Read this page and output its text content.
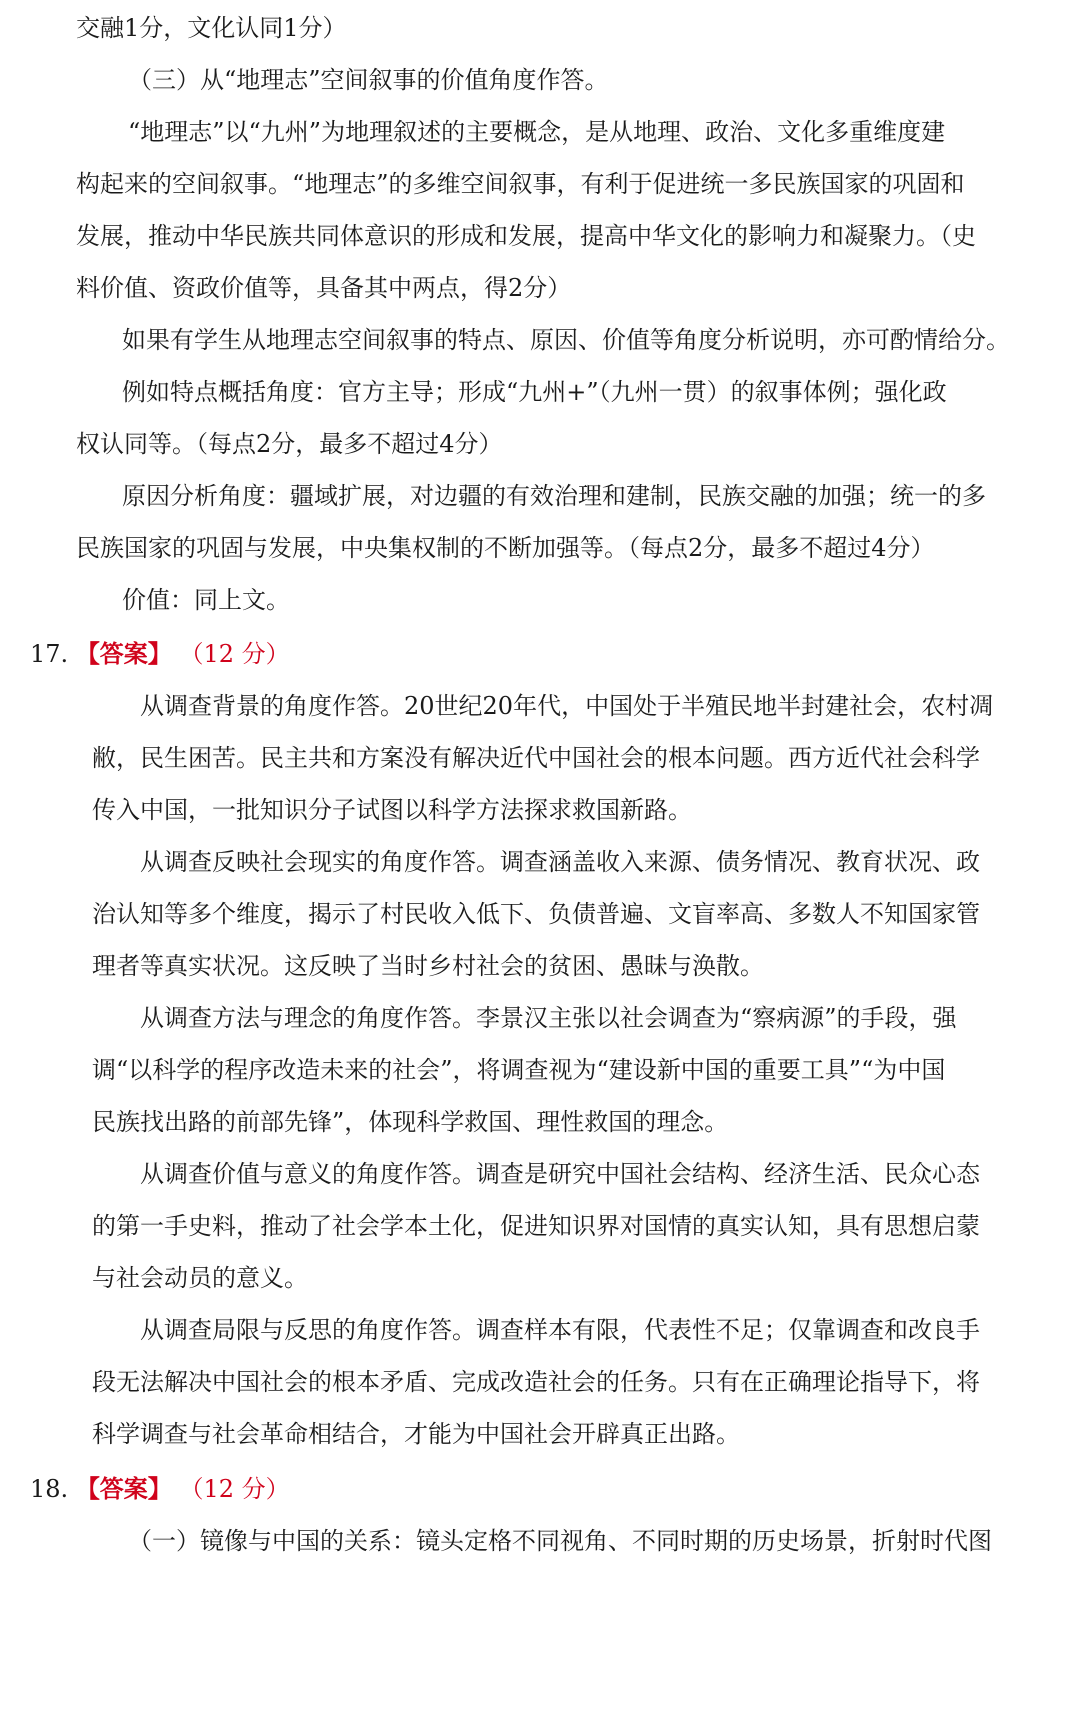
交融1分，文化认同1分）
（三）从“地理志”空间叙事的价值角度作答。
“地理志”以“九州”为地理叙述的主要概念，是从地理、政治、文化多重维度建
构起来的空间叙事。“地理志”的多维空间叙事，有利于促进统一多民族国家的巩固和
发展，推动中华民族共同体意识的形成和发展，提高中华文化的影响力和凝聚力。（史
料价值、资政价值等，具备其中两点，得2分）
如果有学生从地理志空间叙事的特点、原因、价值等角度分析说明，亦可酌情给分。
例如特点概括角度：官方主导；形成“九州+”（九州一贯）的叙事体例；强化政
权认同等。（每点2分，最多不超过4分）
原因分析角度：疆域扩展，对边疆的有效治理和建制，民族交融的加强；统一的多
民族国家的巩固与发展，中央集权制的不断加强等。（每点2分，最多不超过4分）
价值：同上文。
17. 【答案】 （12 分）
从调查背景的角度作答。20世纪20年代，中国处于半殖民地半封建社会，农村凋
敝，民生困苦。民主共和方案没有解决近代中国社会的根本问题。西方近代社会科学
传入中国，一批知识分子试图以科学方法探求救国新路。
从调查反映社会现实的角度作答。调查涵盖收入来源、债务情况、教育状况、政
治认知等多个维度，揭示了村民收入低下、负债普遍、文盲率高、多数人不知国家管
理者等真实状况。这反映了当时乡村社会的贫困、愚昧与涣散。
从调查方法与理念的角度作答。李景汉主张以社会调查为“察病源”的手段，强
调“以科学的程序改造未来的社会”，将调查视为“建设新中国的重要工具”“为中国
民族找出路的前部先锋”，体现科学救国、理性救国的理念。
从调查价值与意义的角度作答。调查是研究中国社会结构、经济生活、民众心态
的第一手史料，推动了社会学本土化，促进知识界对国情的真实认知，具有思想启蒙
与社会动员的意义。
从调查局限与反思的角度作答。调查样本有限，代表性不足；仅靠调查和改良手
段无法解决中国社会的根本矛盾、完成改造社会的任务。只有在正确理论指导下，将
科学调查与社会革命相结合，才能为中国社会开辟真正出路。
18. 【答案】 （12 分）
（一）镜像与中国的关系：镜头定格不同视角、不同时期的历史场景，折射时代图
